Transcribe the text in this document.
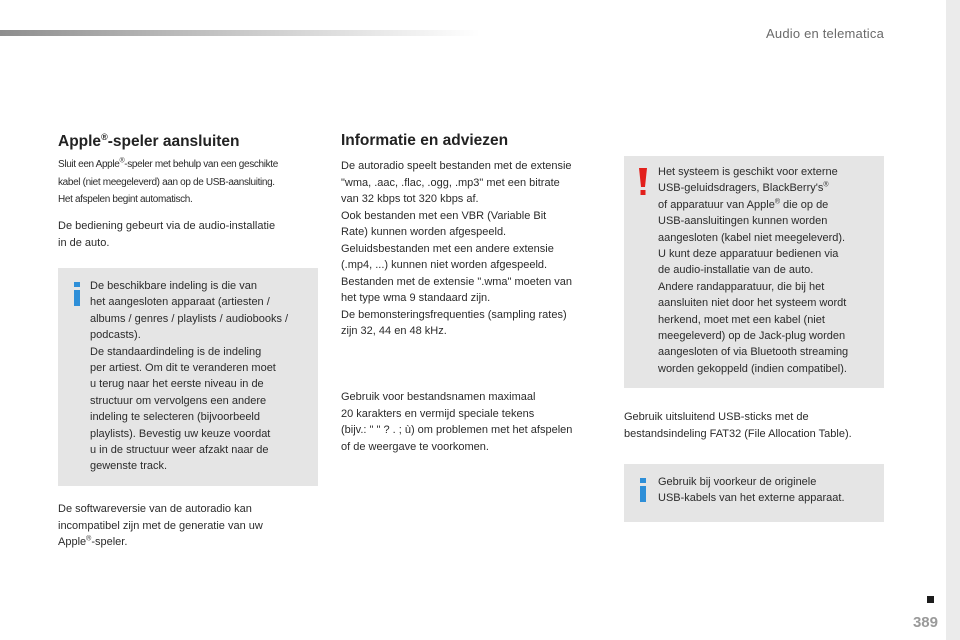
Audio en telematica
389
Apple®-speler aansluiten
Sluit een Apple®-speler met behulp van een geschikte
kabel (niet meegeleverd) aan op de USB-aansluiting.
Het afspelen begint automatisch.
De bediening gebeurt via de audio-installatie
in de auto.
De beschikbare indeling is die van
het aangesloten apparaat (artiesten /
albums / genres / playlists / audiobooks /
podcasts).
De standaardindeling is de indeling
per artiest. Om dit te veranderen moet
u terug naar het eerste niveau in de
structuur om vervolgens een andere
indeling te selecteren (bijvoorbeeld
playlists). Bevestig uw keuze voordat
u in de structuur weer afzakt naar de
gewenste track.
De softwareversie van de autoradio kan
incompatibel zijn met de generatie van uw
Apple®-speler.
Informatie en adviezen
De autoradio speelt bestanden met de extensie
"wma, .aac, .flac, .ogg, .mp3" met een bitrate
van 32 kbps tot 320 kbps af.
Ook bestanden met een VBR (Variable Bit
Rate) kunnen worden afgespeeld.
Geluidsbestanden met een andere extensie
(.mp4, ...) kunnen niet worden afgespeeld.
Bestanden met de extensie ".wma" moeten van
het type wma 9 standaard zijn.
De bemonsteringsfrequenties (sampling rates)
zijn 32, 44 en 48 kHz.
Gebruik voor bestandsnamen maximaal
20 karakters en vermijd speciale tekens
(bijv.: " " ? . ; ù) om problemen met het afspelen
of de weergave te voorkomen.
Het systeem is geschikt voor externe
USB-geluidsdragers, BlackBerry's®
of apparatuur van Apple® die op de
USB-aansluitingen kunnen worden
aangesloten (kabel niet meegeleverd).
U kunt deze apparatuur bedienen via
de audio-installatie van de auto.
Andere randapparatuur, die bij het
aansluiten niet door het systeem wordt
herkend, moet met een kabel (niet
meegeleverd) op de Jack-plug worden
aangesloten of via Bluetooth streaming
worden gekoppeld (indien compatibel).
Gebruik uitsluitend USB-sticks met de
bestandsindeling FAT32 (File Allocation Table).
Gebruik bij voorkeur de originele
USB-kabels van het externe apparaat.
